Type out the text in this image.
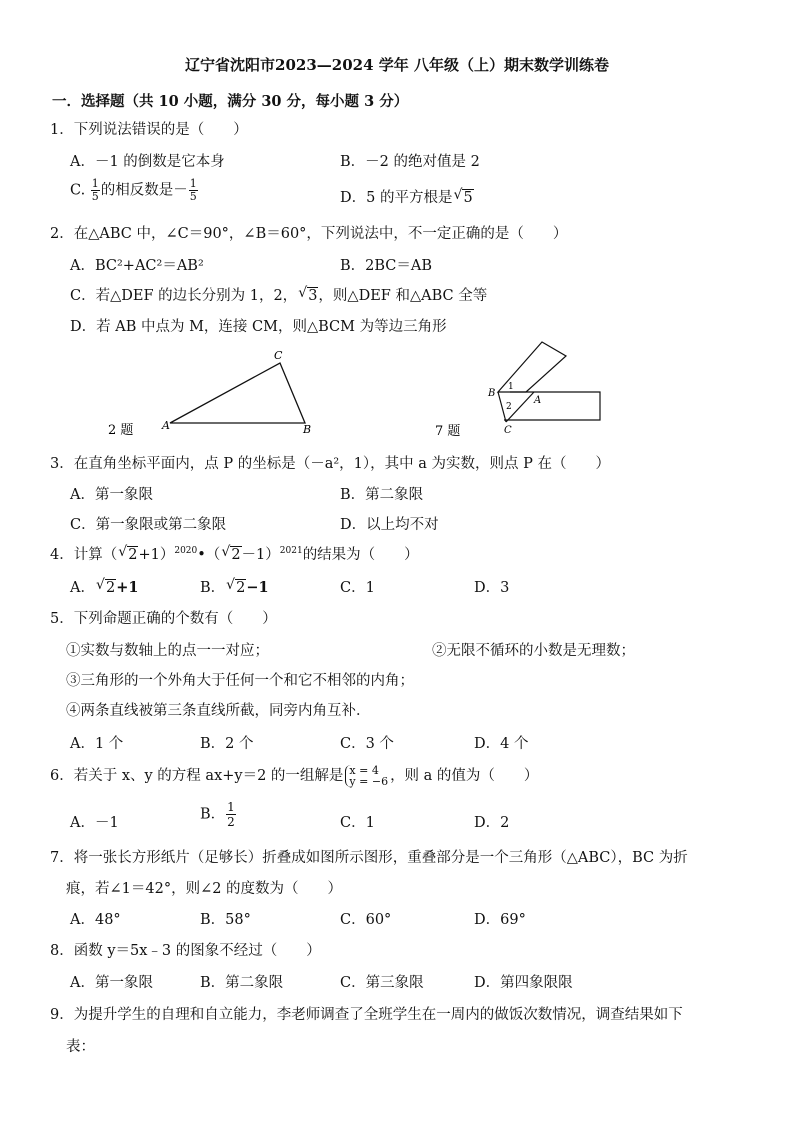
辽宁省沈阳市2023—2024 学年 八年级（上）期末数学训练卷
一．选择题（共 10 小题，满分 30 分，每小题 3 分）
1．下列说法错误的是（　　）
A．－1 的倒数是它本身	B．－2 的绝对值是 2
C. $\frac{1}{5}$ 的相反数是－ $\frac{1}{5}$	D．5 的平方根是 √ 5
2．在△ABC 中，∠C＝90°，∠B＝60°，下列说法中，不一定正确的是（　　）
A．BC²+AC²＝AB²	B．2BC＝AB
C．若△DEF 的边长分别为 1，2， √ 3，则△DEF 和△ABC 全等
D．若 AB 中点为 M，连接 CM，则△BCM 为等边三角形
A	B
C
2 题
B
A
C
1
2
7 题
3．在直角坐标平面内，点 P 的坐标是（－a²，1），其中 a 为实数，则点 P 在（　　）
A．第一象限	B．第二象限
C．第一象限或第二象限	D．以上均不对
4．计算（ √ 2+1）$^{2020}$•（ √ 2－1）$^{2021}$的结果为（　　）
A． √ 2+1	B． √ 2−1	C．1	D．3
5．下列命题正确的个数有（　　）
①实数与数轴上的点一一对应；	②无限不循环的小数是无理数；
③三角形的一个外角大于任何一个和它不相邻的内角；
④两条直线被第三条直线所截，同旁内角互补．
A．1 个	B．2 个	C．3 个	D．4 个
6．若关于 x、y 的方程 ax+y＝2 的一组解是 x = 4
y = −6 ，则 a 的值为（　　）
A．－1
B． $\frac{1}{2}$	C．1	D．2
7．将一张长方形纸片（足够长）折叠成如图所示图形，重叠部分是一个三角形（△ABC），BC 为折
痕，若∠1＝42°，则∠2 的度数为（　　）
A．48°	B．58°	C．60°	D．69°
8．函数 y＝5x﹣3 的图象不经过（　　）
A．第一象限	B．第二象限	C．第三象限	D．第四象限限
9．为提升学生的自理和自立能力，李老师调查了全班学生在一周内的做饭次数情况，调查结果如下
表：
